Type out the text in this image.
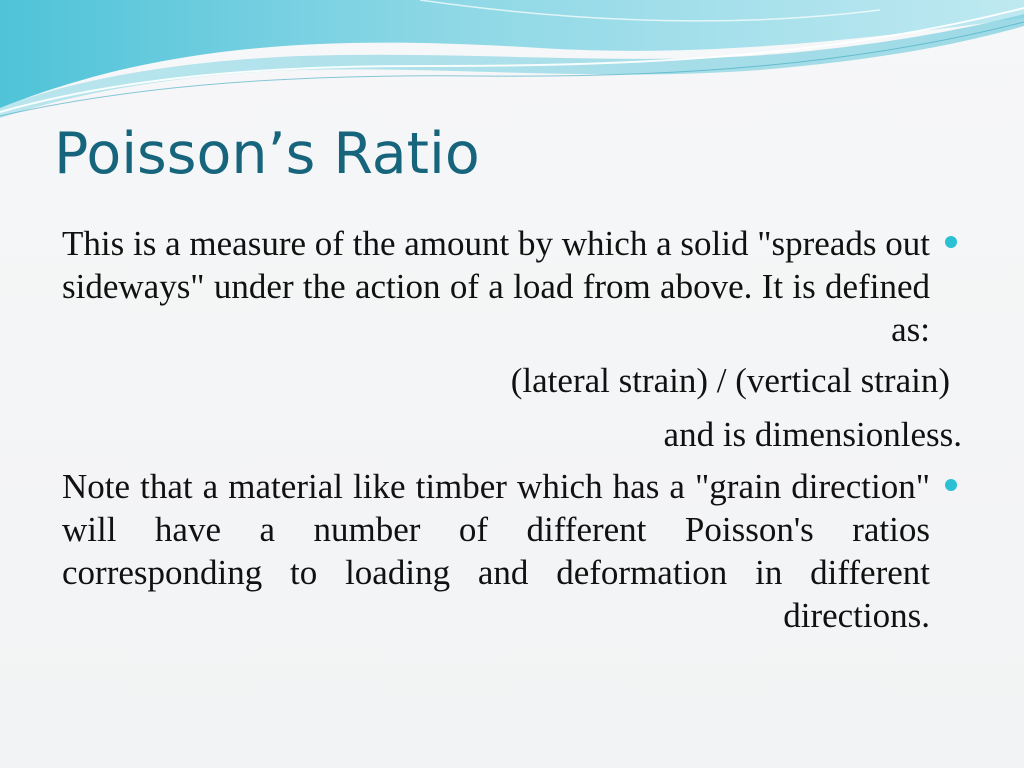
Poisson’s Ratio

This is a measure of the amount by which a solid "spreads out sideways" under the action of a load from above. It is defined as:

(lateral strain) / (vertical strain)

and is dimensionless.

Note that a material like timber which has a "grain direction" will have a number of different Poisson's ratios corresponding to loading and deformation in different directions.
